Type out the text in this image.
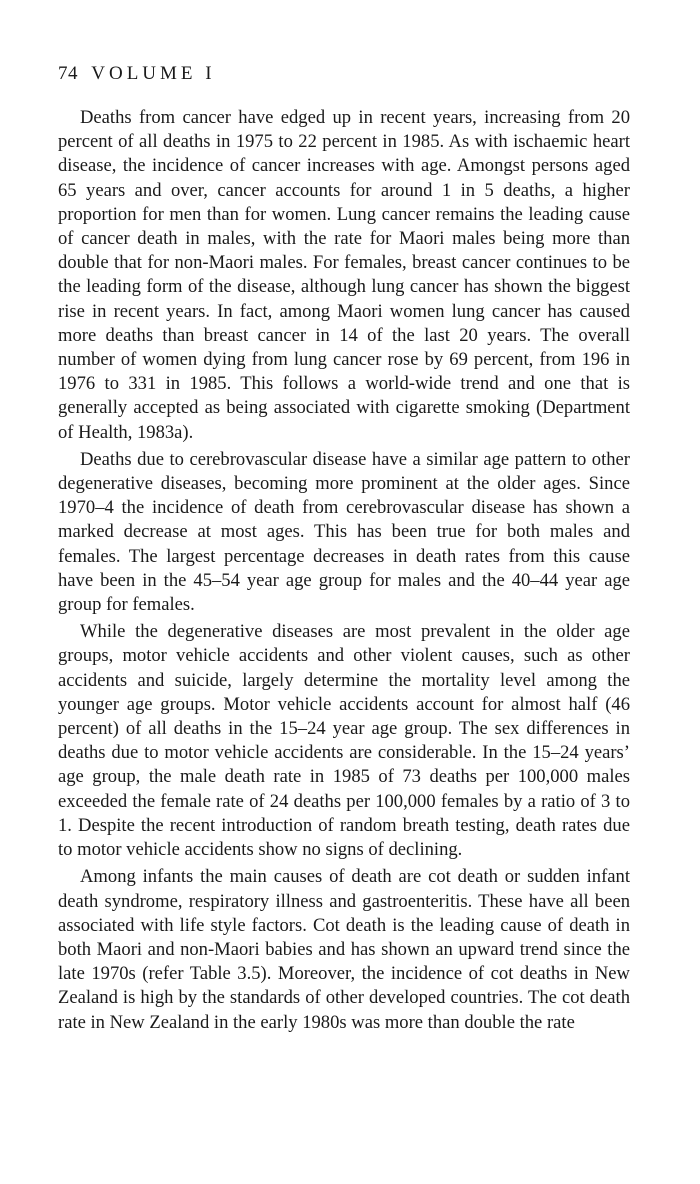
74 VOLUME I

Deaths from cancer have edged up in recent years, increasing from 20 percent of all deaths in 1975 to 22 percent in 1985. As with ischaemic heart disease, the incidence of cancer increases with age. Amongst persons aged 65 years and over, cancer accounts for around 1 in 5 deaths, a higher proportion for men than for women. Lung cancer remains the leading cause of cancer death in males, with the rate for Maori males being more than double that for non-Maori males. For females, breast cancer continues to be the leading form of the disease, although lung cancer has shown the biggest rise in recent years. In fact, among Maori women lung cancer has caused more deaths than breast cancer in 14 of the last 20 years. The overall number of women dying from lung cancer rose by 69 percent, from 196 in 1976 to 331 in 1985. This follows a world-wide trend and one that is generally accepted as being associated with cigarette smoking (Department of Health, 1983a).

Deaths due to cerebrovascular disease have a similar age pattern to other degenerative diseases, becoming more prominent at the older ages. Since 1970–4 the incidence of death from cerebrovascular disease has shown a marked decrease at most ages. This has been true for both males and females. The largest percentage decreases in death rates from this cause have been in the 45–54 year age group for males and the 40–44 year age group for females.

While the degenerative diseases are most prevalent in the older age groups, motor vehicle accidents and other violent causes, such as other accidents and suicide, largely determine the mortality level among the younger age groups. Motor vehicle accidents account for almost half (46 percent) of all deaths in the 15–24 year age group. The sex differences in deaths due to motor vehicle accidents are considerable. In the 15–24 years’ age group, the male death rate in 1985 of 73 deaths per 100,000 males exceeded the female rate of 24 deaths per 100,000 females by a ratio of 3 to 1. Despite the recent introduction of random breath testing, death rates due to motor vehicle accidents show no signs of declining.

Among infants the main causes of death are cot death or sudden infant death syndrome, respiratory illness and gastroenteritis. These have all been associated with life style factors. Cot death is the leading cause of death in both Maori and non-Maori babies and has shown an upward trend since the late 1970s (refer Table 3.5). Moreover, the incidence of cot deaths in New Zealand is high by the standards of other developed countries. The cot death rate in New Zealand in the early 1980s was more than double the rate
